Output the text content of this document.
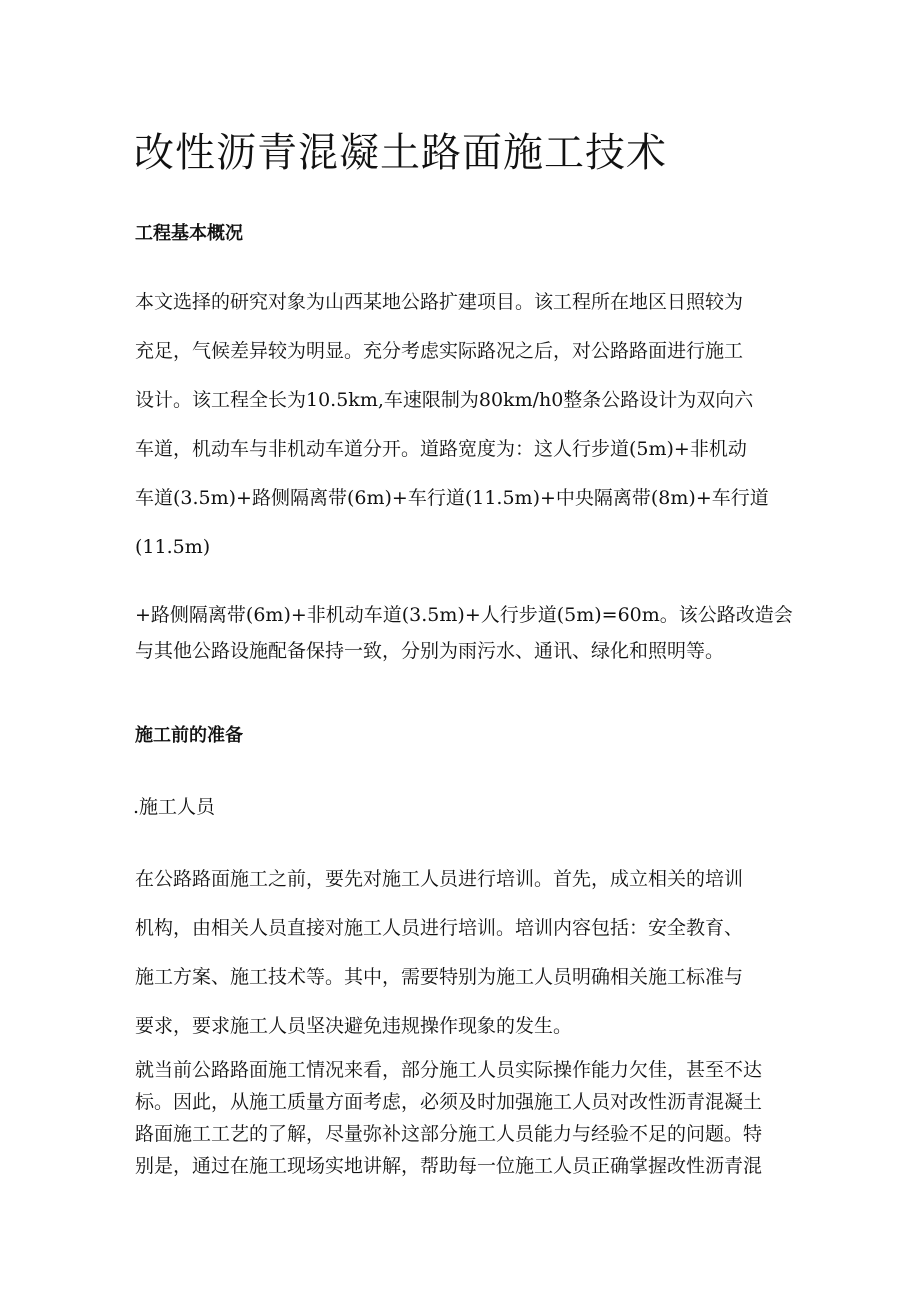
改性沥青混凝土路面施工技术
工程基本概况
本文选择的研究对象为山西某地公路扩建项目。该工程所在地区日照较为
充足，气候差异较为明显。充分考虑实际路况之后，对公路路面进行施工
设计。该工程全长为10.5km,车速限制为80km∕h0整条公路设计为双向六
车道，机动车与非机动车道分开。道路宽度为：这人行步道(5m)+非机动
车道(3.5m)+路侧隔离带(6m)+车行道(11.5m)+中央隔离带(8m)+车行道
(11.5m)
+路侧隔离带(6m)+非机动车道(3.5m)+人行步道(5m)=60m。该公路改造会
与其他公路设施配备保持一致，分别为雨污水、通讯、绿化和照明等。
施工前的准备

.施工人员

在公路路面施工之前，要先对施工人员进行培训。首先，成立相关的培训
机构，由相关人员直接对施工人员进行培训。培训内容包括：安全教育、
施工方案、施工技术等。其中，需要特别为施工人员明确相关施工标准与
要求，要求施工人员坚决避免违规操作现象的发生。
就当前公路路面施工情况来看，部分施工人员实际操作能力欠佳，甚至不达
标。因此，从施工质量方面考虑，必须及时加强施工人员对改性沥青混凝土
路面施工工艺的了解，尽量弥补这部分施工人员能力与经验不足的问题。特
别是，通过在施工现场实地讲解，帮助每一位施工人员正确掌握改性沥青混
